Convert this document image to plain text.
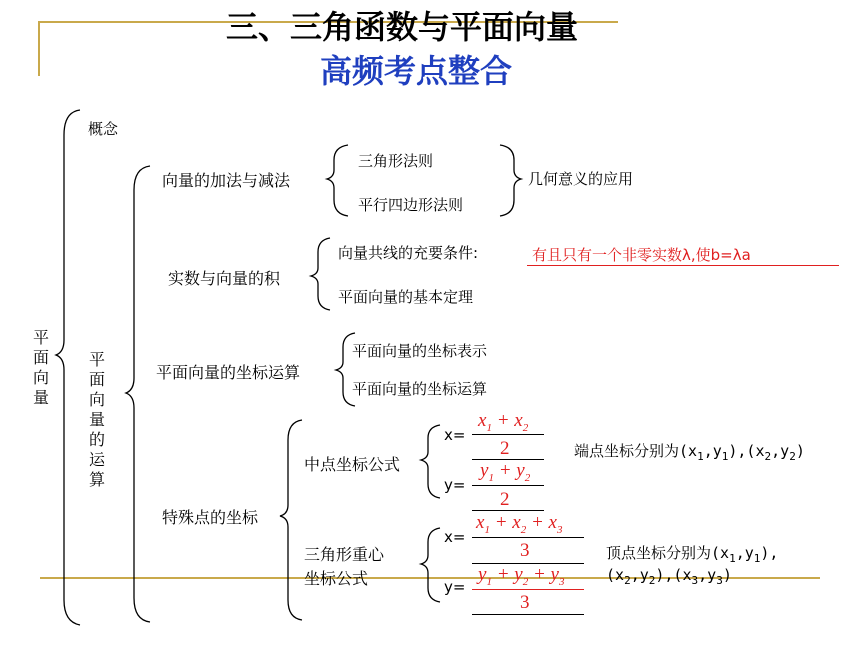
三、三角函数与平面向量
高频考点整合
平
面
向
量
概念
平
面
向
量
的
运
算
向量的加法与减法
三角形法则
平行四边形法则
几何意义的应用
实数与向量的积
向量共线的充要条件:	有且只有一个非零实数λ,使b=λa
平面向量的基本定理
平面向量的坐标运算
平面向量的坐标表示
平面向量的坐标运算
特殊点的坐标
中点坐标公式
x=
$x_1 + x_2$
2
y=
$y_1 + y_2$
2
端点坐标分别为$(x_1,y_1),(x_2,y_2)$
三角形重心
坐标公式
x=
$x_1 + x_2 + x_3$
3
y=
$y_1 + y_2 + y_3$
3
顶点坐标分别为$(x_1,y_1)$,
$(x_2,y_2),(x_3,y_3)$
